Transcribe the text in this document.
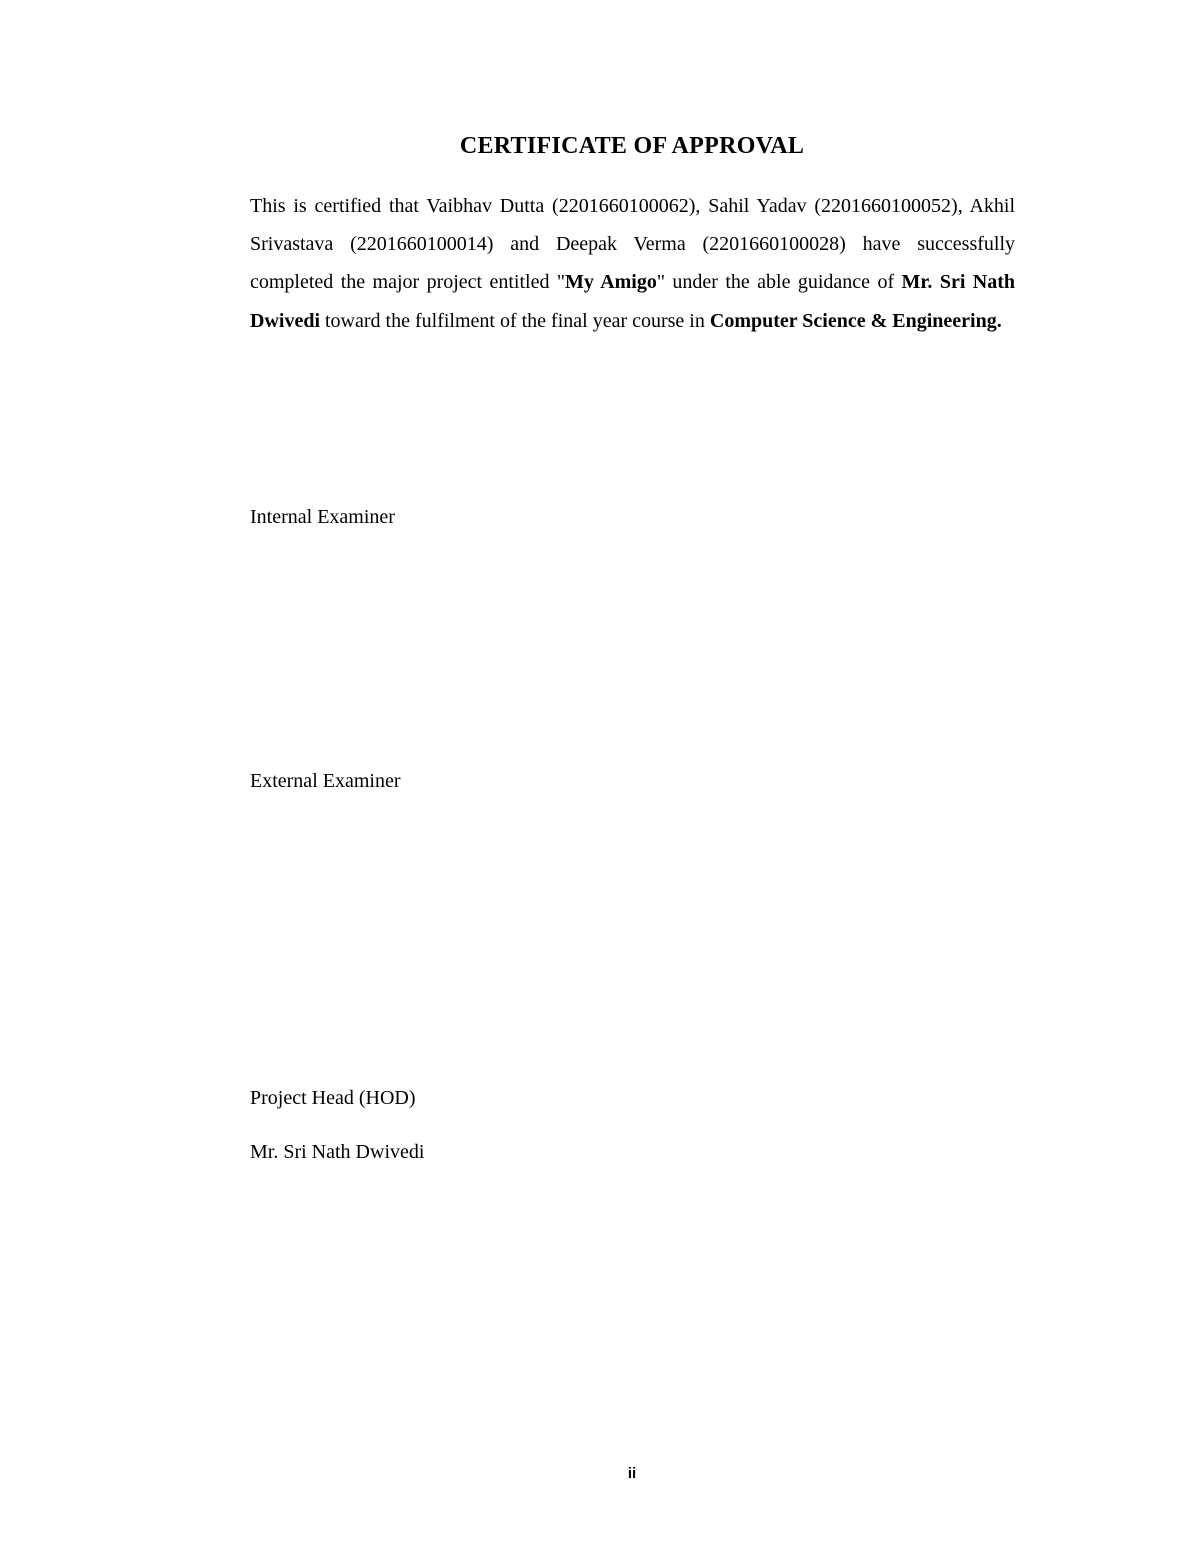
CERTIFICATE OF APPROVAL

This is certified that Vaibhav Dutta (2201660100062), Sahil Yadav (2201660100052), Akhil Srivastava (2201660100014) and Deepak Verma (2201660100028) have successfully completed the major project entitled "My Amigo" under the able guidance of Mr. Sri Nath Dwivedi toward the fulfilment of the final year course in Computer Science & Engineering.

Internal Examiner

External Examiner

Project Head (HOD)

Mr. Sri Nath Dwivedi

ii
